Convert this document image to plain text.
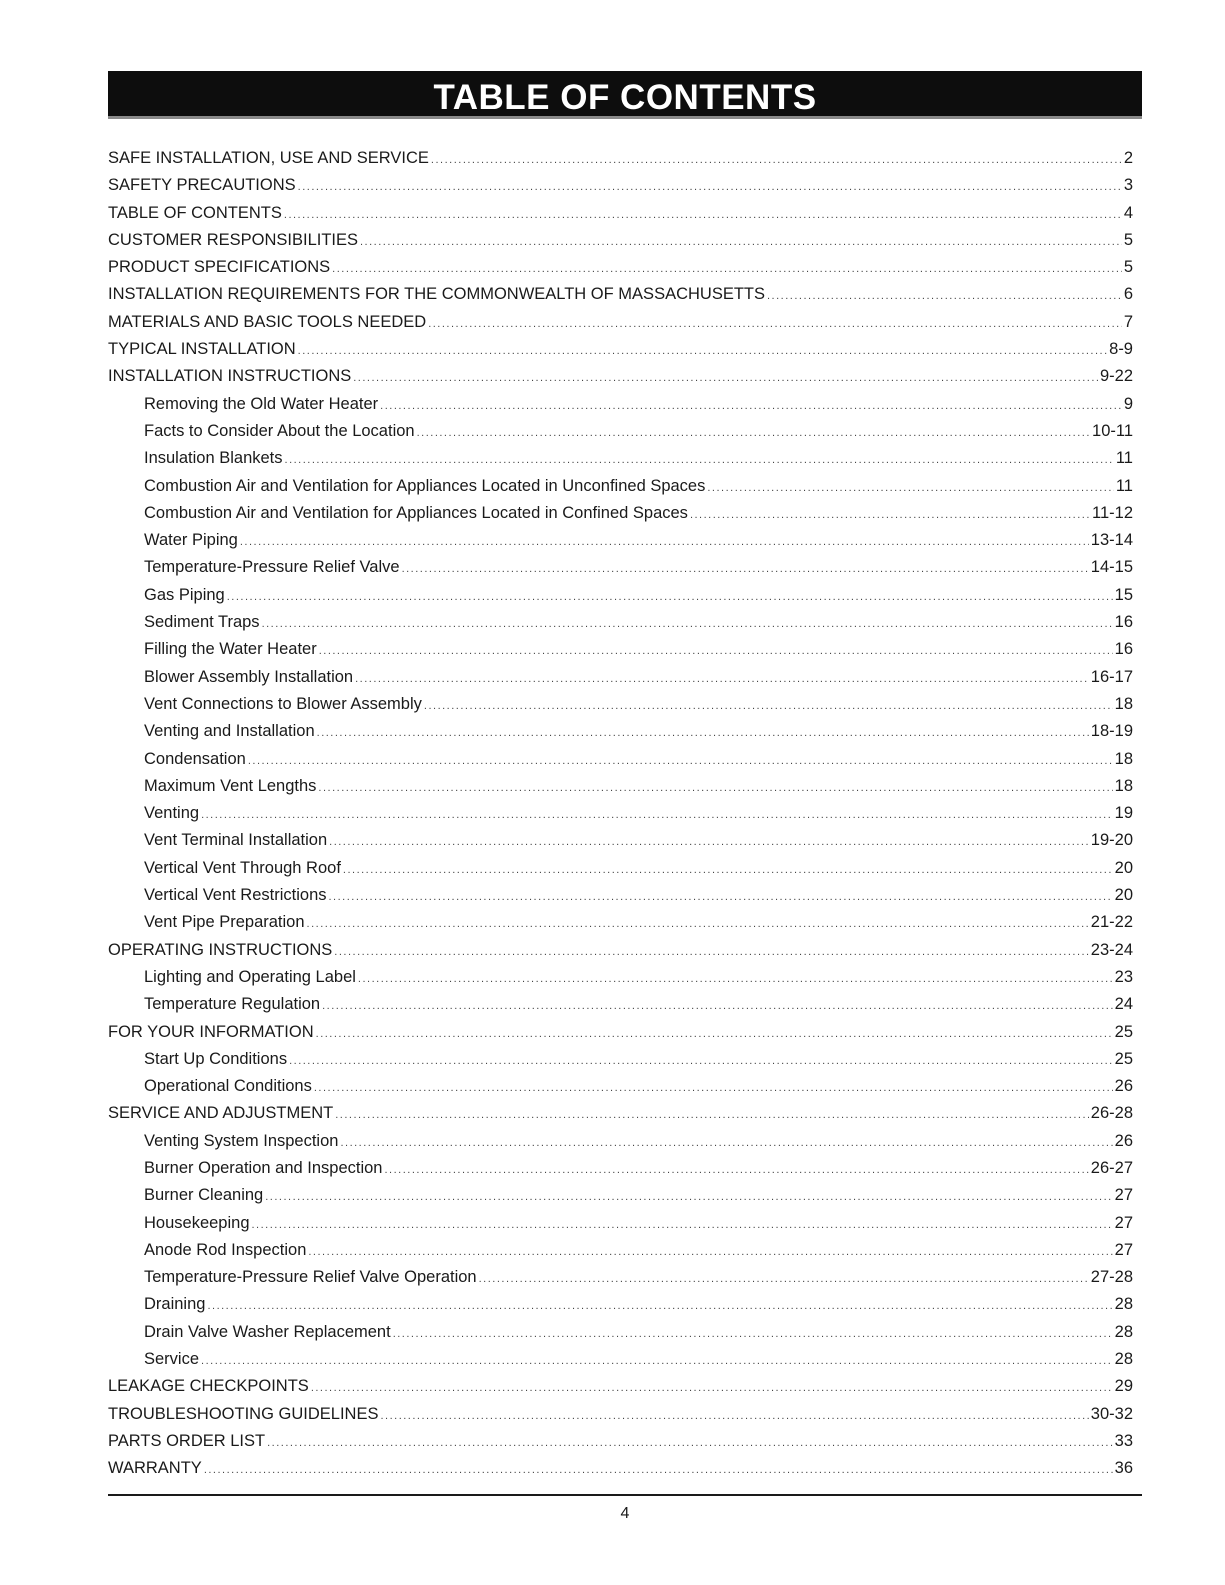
TABLE OF CONTENTS
SAFE INSTALLATION, USE AND SERVICE .....	2
SAFETY PRECAUTIONS .....	3
TABLE OF CONTENTS .....	4
CUSTOMER RESPONSIBILITIES .....	5
PRODUCT SPECIFICATIONS .....	5
INSTALLATION REQUIREMENTS FOR THE COMMONWEALTH OF MASSACHUSETTS .....	6
MATERIALS AND BASIC TOOLS NEEDED .....	7
TYPICAL INSTALLATION .....	8-9
INSTALLATION INSTRUCTIONS .....	9-22
Removing the Old Water Heater .....	9
Facts to Consider About the Location .....	10-11
Insulation Blankets .....	11
Combustion Air and Ventilation for Appliances Located in Unconfined Spaces .....	11
Combustion Air and Ventilation for Appliances Located in Confined Spaces .....	11-12
Water Piping .....	13-14
Temperature-Pressure Relief Valve .....	14-15
Gas Piping .....	15
Sediment Traps .....	16
Filling the Water Heater .....	16
Blower Assembly Installation .....	16-17
Vent Connections to Blower Assembly .....	18
Venting and Installation .....	18-19
Condensation .....	18
Maximum Vent Lengths .....	18
Venting .....	19
Vent Terminal Installation .....	19-20
Vertical Vent Through Roof .....	20
Vertical Vent Restrictions .....	20
Vent Pipe Preparation .....	21-22
OPERATING INSTRUCTIONS .....	23-24
Lighting and Operating Label .....	23
Temperature Regulation .....	24
FOR YOUR INFORMATION .....	25
Start Up Conditions .....	25
Operational Conditions .....	26
SERVICE AND ADJUSTMENT .....	26-28
Venting System Inspection .....	26
Burner Operation and Inspection .....	26-27
Burner Cleaning .....	27
Housekeeping .....	27
Anode Rod Inspection .....	27
Temperature-Pressure Relief Valve Operation .....	27-28
Draining .....	28
Drain Valve Washer Replacement .....	28
Service .....	28
LEAKAGE CHECKPOINTS .....	29
TROUBLESHOOTING GUIDELINES .....	30-32
PARTS ORDER LIST .....	33
WARRANTY .....	36
4
